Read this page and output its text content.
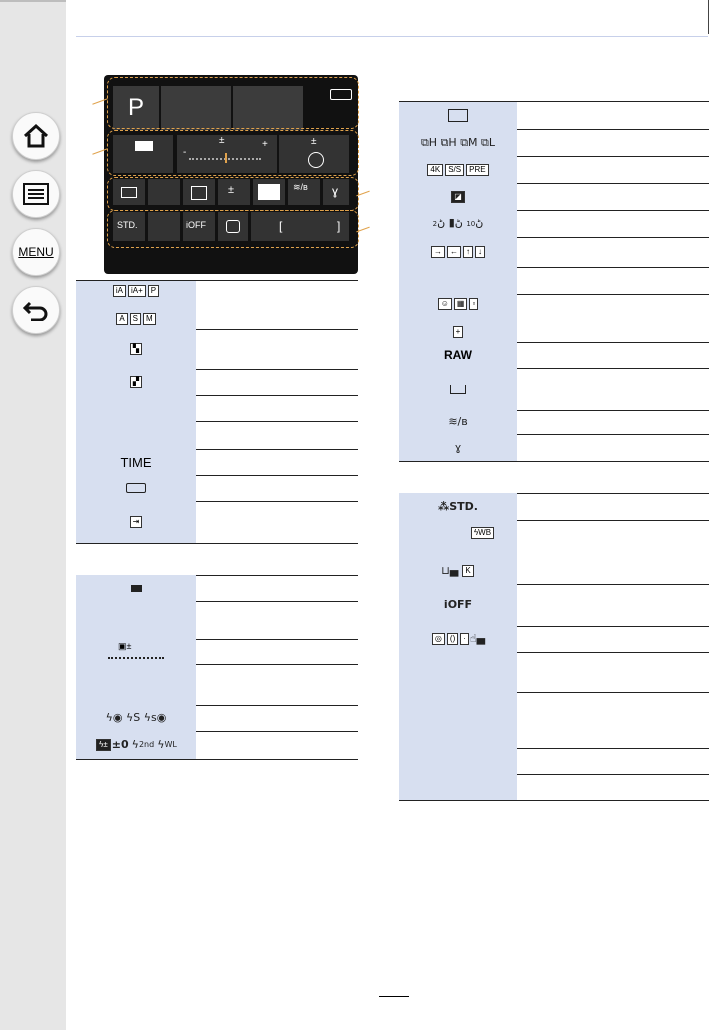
MENU
P
-
±	+	±
±	≋/ʙ ɣ
STD.	iOFF	[	]
iA	iA+	P
A	S	M
▚
▞
TIME
⇥
▣±
ϟ◉ ϟS ϟs◉
ϟ± ±0 ϟ 2nd ϟ WL
⧉H ⧉H ⧉M ⧉L
4K	S/S	PRE
◪
ڻ10 ڻ▮ ڻ2
→	←	↑	↓
☺	▦	▫
+
RAW
≋/ʙ
ɣ
⁂STD.
ϟWB
⊔▄ K
iOFF
◎	()	· ☝▄
